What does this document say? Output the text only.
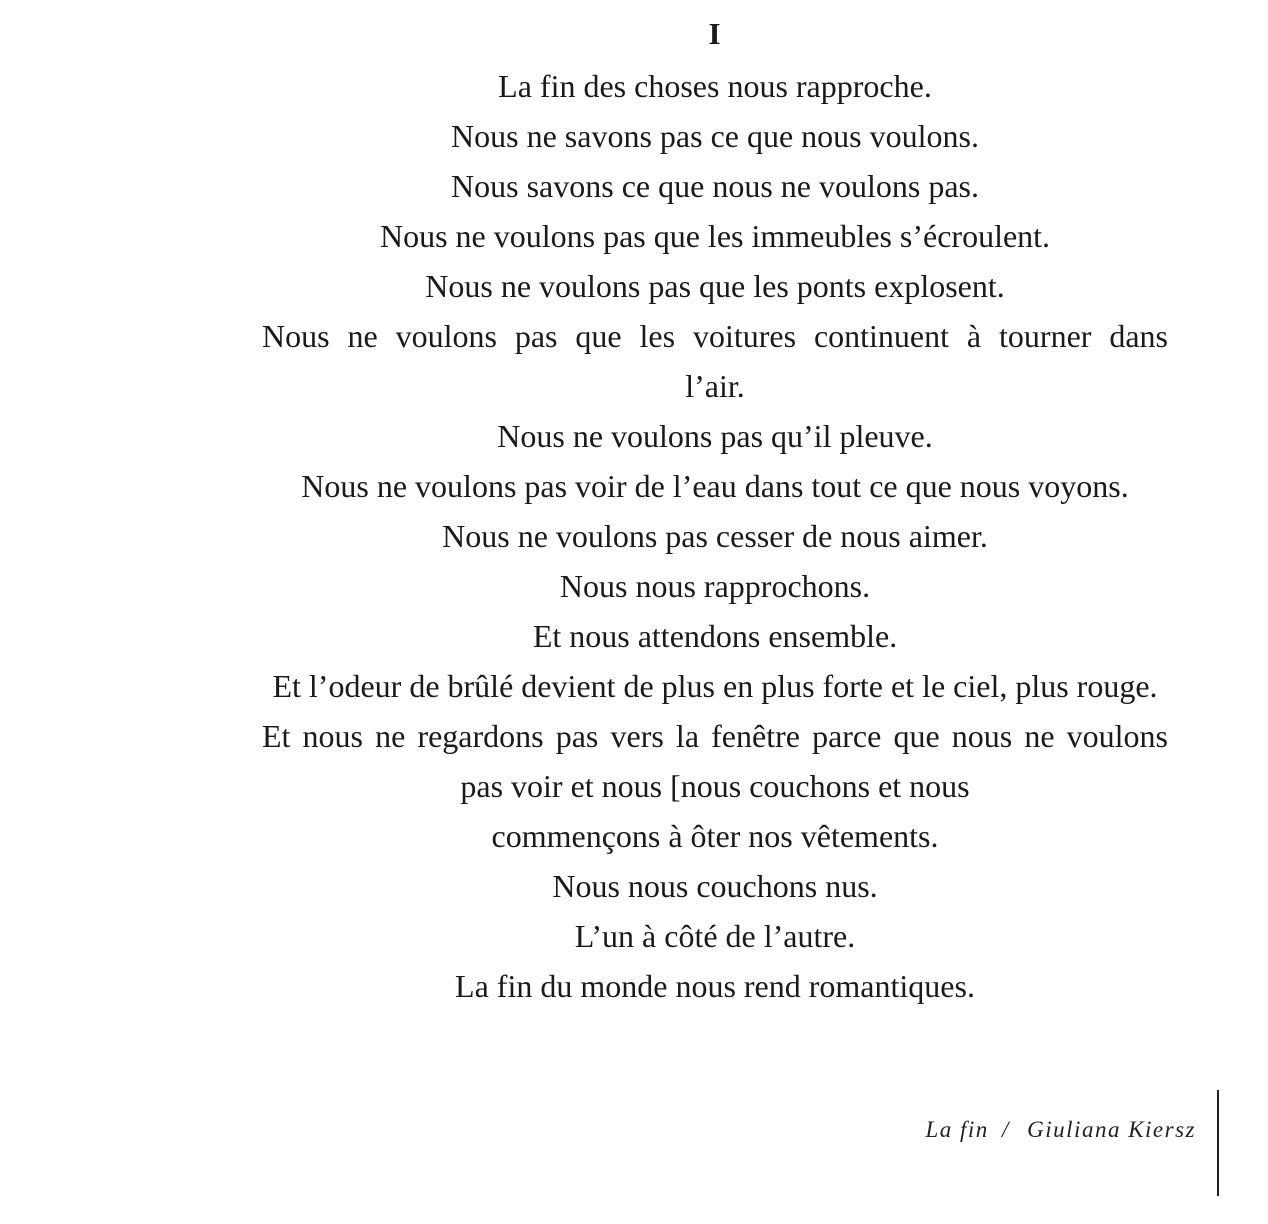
I
La fin des choses nous rapproche.
Nous ne savons pas ce que nous voulons.
Nous savons ce que nous ne voulons pas.
Nous ne voulons pas que les immeubles s’écroulent.
Nous ne voulons pas que les ponts explosent.
Nous ne voulons pas que les voitures continuent à tourner dans
l’air.
Nous ne voulons pas qu’il pleuve.
Nous ne voulons pas voir de l’eau dans tout ce que nous voyons.
Nous ne voulons pas cesser de nous aimer.
Nous nous rapprochons.
Et nous attendons ensemble.
Et l’odeur de brûlé devient de plus en plus forte et le ciel, plus rouge.
Et nous ne regardons pas vers la fenêtre parce que nous ne voulons
pas voir et nous [nous couchons et nous
commençons à ôter nos vêtements.
Nous nous couchons nus.
L’un à côté de l’autre.
La fin du monde nous rend romantiques.
La fin / Giuliana Kiersz
